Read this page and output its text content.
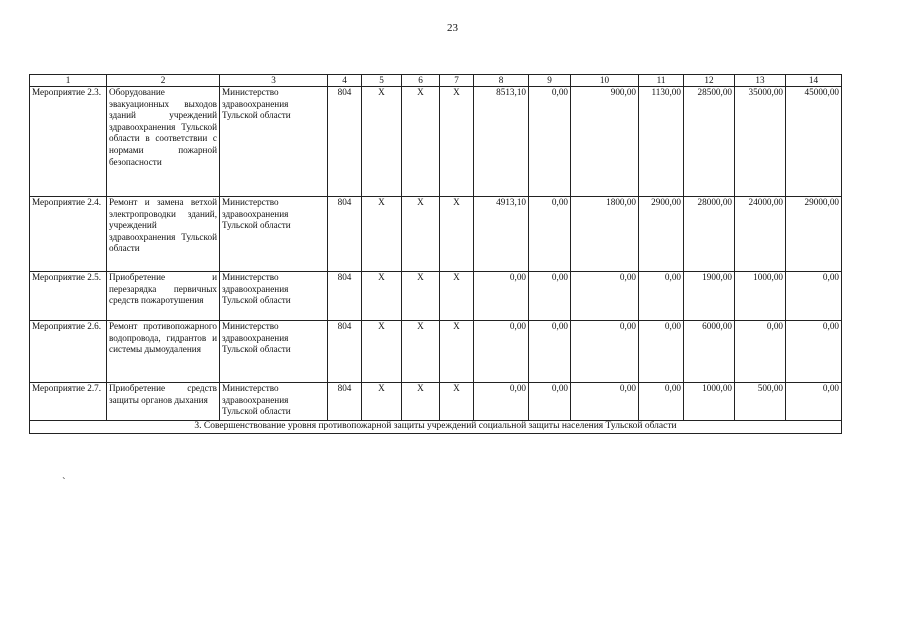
23
1	2	3	4	5	6	7	8	9	10	11	12	13	14
Мероприятие 2.3.	Оборудование эвакуационных выходов зданий учреждений здравоохранения Тульской области в соответствии с нормами пожарной безопасности	Министерство здравоохранения Тульской области	804	Х	Х	Х	8513,10	0,00	900,00	1130,00	28500,00	35000,00	45000,00
Мероприятие 2.4.	Ремонт и замена ветхой электропроводки зданий, учреждений здравоохранения Тульской области	Министерство здравоохранения Тульской области	804	Х	Х	Х	4913,10	0,00	1800,00	2900,00	28000,00	24000,00	29000,00
Мероприятие 2.5.	Приобретение и перезарядка первичных средств пожаротушения	Министерство здравоохранения Тульской области	804	Х	Х	Х	0,00	0,00	0,00	0,00	1900,00	1000,00	0,00
Мероприятие 2.6.	Ремонт противопожарного водопровода, гидрантов и системы дымоудаления	Министерство здравоохранения Тульской области	804	Х	Х	Х	0,00	0,00	0,00	0,00	6000,00	0,00	0,00
Мероприятие 2.7.	Приобретение средств защиты органов дыхания	Министерство здравоохранения Тульской области	804	Х	Х	Х	0,00	0,00	0,00	0,00	1000,00	500,00	0,00
3. Совершенствование уровня противопожарной защиты учреждений социальной защиты населения Тульской области													
`
